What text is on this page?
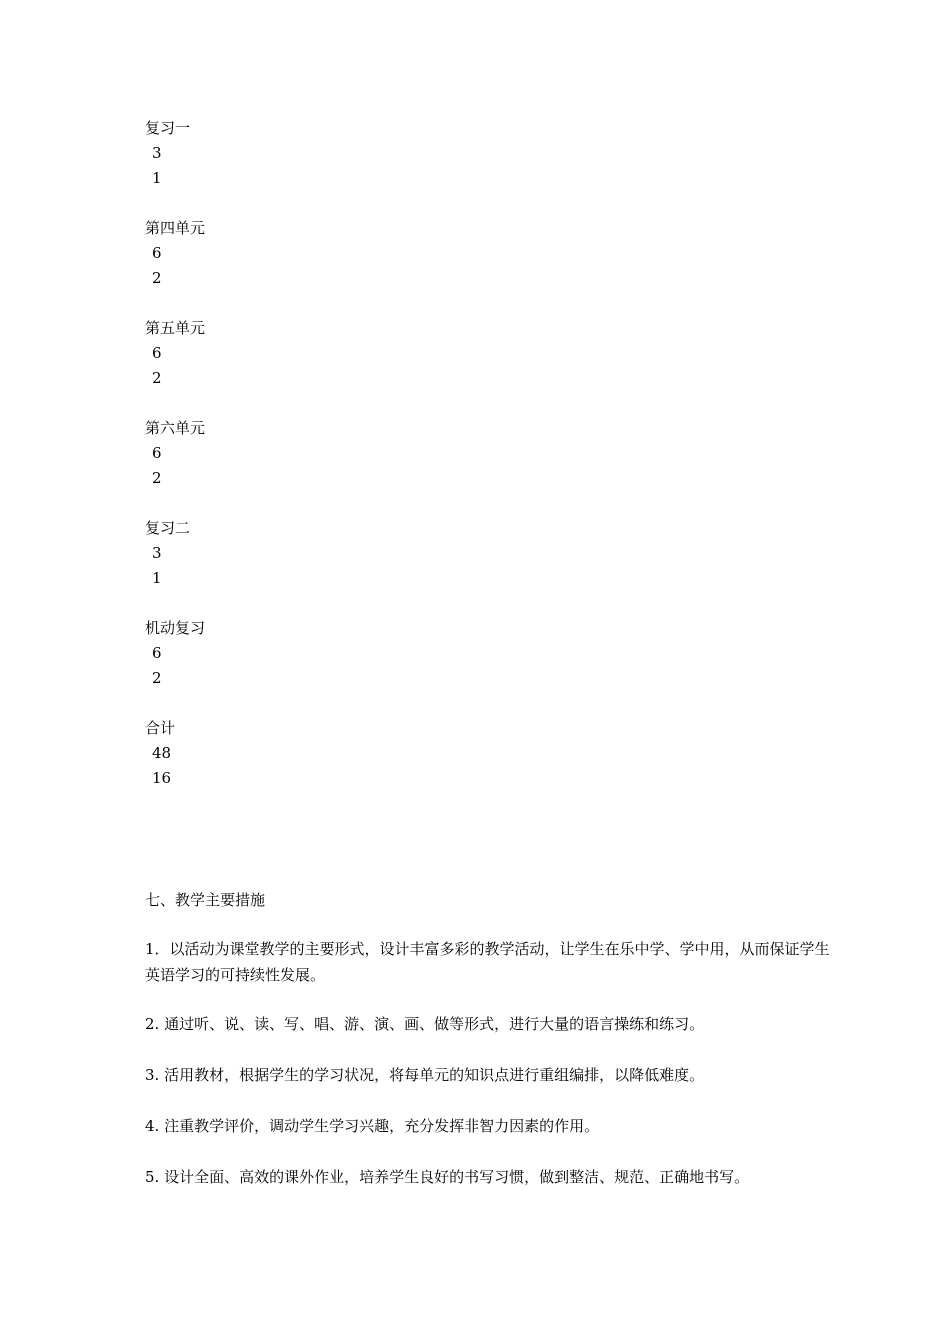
复习一
3
1
第四单元
6
2
第五单元
6
2
第六单元
6
2
复习二
3
1
机动复习
6
2
合计
48
16

七、教学主要措施

1．以活动为课堂教学的主要形式，设计丰富多彩的教学活动，让学生在乐中学、学中用，从而保证学生英语学习的可持续性发展。

2. 通过听、说、读、写、唱、游、演、画、做等形式，进行大量的语言操练和练习。

3. 活用教材，根据学生的学习状况，将每单元的知识点进行重组编排，以降低难度。

4. 注重教学评价，调动学生学习兴趣，充分发挥非智力因素的作用。

5. 设计全面、高效的课外作业，培养学生良好的书写习惯，做到整洁、规范、正确地书写。
